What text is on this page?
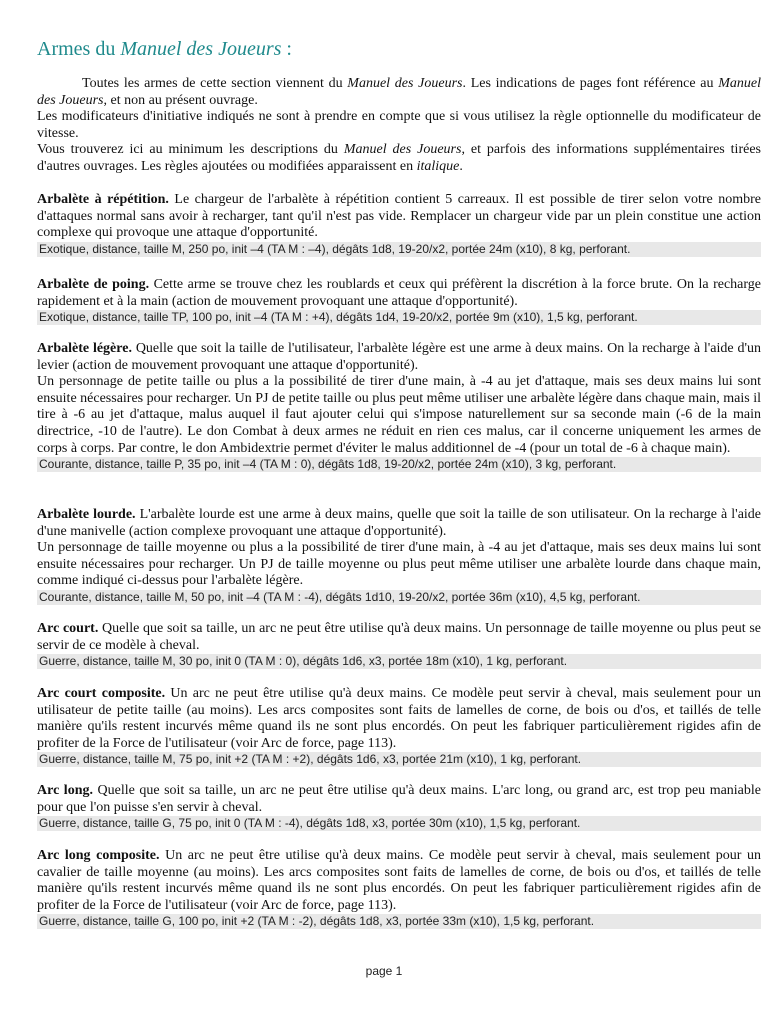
Armes du Manuel des Joueurs :

Toutes les armes de cette section viennent du Manuel des Joueurs. Les indications de pages font référence au Manuel des Joueurs, et non au présent ouvrage.

Les modificateurs d'initiative indiqués ne sont à prendre en compte que si vous utilisez la règle optionnelle du modificateur de vitesse.

Vous trouverez ici au minimum les descriptions du Manuel des Joueurs, et parfois des informations supplémentaires tirées d'autres ouvrages. Les règles ajoutées ou modifiées apparaissent en italique.

Arbalète à répétition. Le chargeur de l'arbalète à répétition contient 5 carreaux. Il est possible de tirer selon votre nombre d'attaques normal sans avoir à recharger, tant qu'il n'est pas vide. Remplacer un chargeur vide par un plein constitue une action complexe qui provoque une attaque d'opportunité.

Exotique, distance, taille M, 250 po, init –4 (TA M : –4), dégâts 1d8, 19-20/x2, portée 24m (x10), 8 kg, perforant.

Arbalète de poing. Cette arme se trouve chez les roublards et ceux qui préfèrent la discrétion à la force brute. On la recharge rapidement et à la main (action de mouvement provoquant une attaque d'opportunité).

Exotique, distance, taille TP, 100 po, init –4 (TA M : +4), dégâts 1d4, 19-20/x2, portée 9m (x10), 1,5 kg, perforant.

Arbalète légère. Quelle que soit la taille de l'utilisateur, l'arbalète légère est une arme à deux mains. On la recharge à l'aide d'un levier (action de mouvement provoquant une attaque d'opportunité).

Un personnage de petite taille ou plus a la possibilité de tirer d'une main, à -4 au jet d'attaque, mais ses deux mains lui sont ensuite nécessaires pour recharger. Un PJ de petite taille ou plus peut même utiliser une arbalète légère dans chaque main, mais il tire à -6 au jet d'attaque, malus auquel il faut ajouter celui qui s'impose naturellement sur sa seconde main (-6 de la main directrice, -10 de l'autre). Le don Combat à deux armes ne réduit en rien ces malus, car il concerne uniquement les armes de corps à corps. Par contre, le don Ambidextrie permet d'éviter le malus additionnel de -4 (pour un total de -6 à chaque main).

Courante, distance, taille P, 35 po, init –4 (TA M : 0), dégâts 1d8, 19-20/x2, portée 24m (x10), 3 kg, perforant.

Arbalète lourde. L'arbalète lourde est une arme à deux mains, quelle que soit la taille de son utilisateur. On la recharge à l'aide d'une manivelle (action complexe provoquant une attaque d'opportunité).

Un personnage de taille moyenne ou plus a la possibilité de tirer d'une main, à -4 au jet d'attaque, mais ses deux mains lui sont ensuite nécessaires pour recharger. Un PJ de taille moyenne ou plus peut même utiliser une arbalète lourde dans chaque main, comme indiqué ci-dessus pour l'arbalète légère.

Courante, distance, taille M, 50 po, init –4 (TA M : -4), dégâts 1d10, 19-20/x2, portée 36m (x10), 4,5 kg, perforant.

Arc court. Quelle que soit sa taille, un arc ne peut être utilise qu'à deux mains. Un personnage de taille moyenne ou plus peut se servir de ce modèle à cheval.

Guerre, distance, taille M, 30 po, init 0 (TA M : 0), dégâts 1d6, x3, portée 18m (x10), 1 kg, perforant.

Arc court composite. Un arc ne peut être utilise qu'à deux mains. Ce modèle peut servir à cheval, mais seulement pour un utilisateur de petite taille (au moins). Les arcs composites sont faits de lamelles de corne, de bois ou d'os, et taillés de telle manière qu'ils restent incurvés même quand ils ne sont plus encordés. On peut les fabriquer particulièrement rigides afin de profiter de la Force de l'utilisateur (voir Arc de force, page 113).

Guerre, distance, taille M, 75 po, init +2 (TA M : +2), dégâts 1d6, x3, portée 21m (x10), 1 kg, perforant.

Arc long. Quelle que soit sa taille, un arc ne peut être utilise qu'à deux mains. L'arc long, ou grand arc, est trop peu maniable pour que l'on puisse s'en servir à cheval.

Guerre, distance, taille G, 75 po, init 0 (TA M : -4), dégâts 1d8, x3, portée 30m (x10), 1,5 kg, perforant.

Arc long composite. Un arc ne peut être utilise qu'à deux mains. Ce modèle peut servir à cheval, mais seulement pour un cavalier de taille moyenne (au moins). Les arcs composites sont faits de lamelles de corne, de bois ou d'os, et taillés de telle manière qu'ils restent incurvés même quand ils ne sont plus encordés. On peut les fabriquer particulièrement rigides afin de profiter de la Force de l'utilisateur (voir Arc de force, page 113).

Guerre, distance, taille G, 100 po, init +2 (TA M : -2), dégâts 1d8, x3, portée 33m (x10), 1,5 kg, perforant.
page 1
